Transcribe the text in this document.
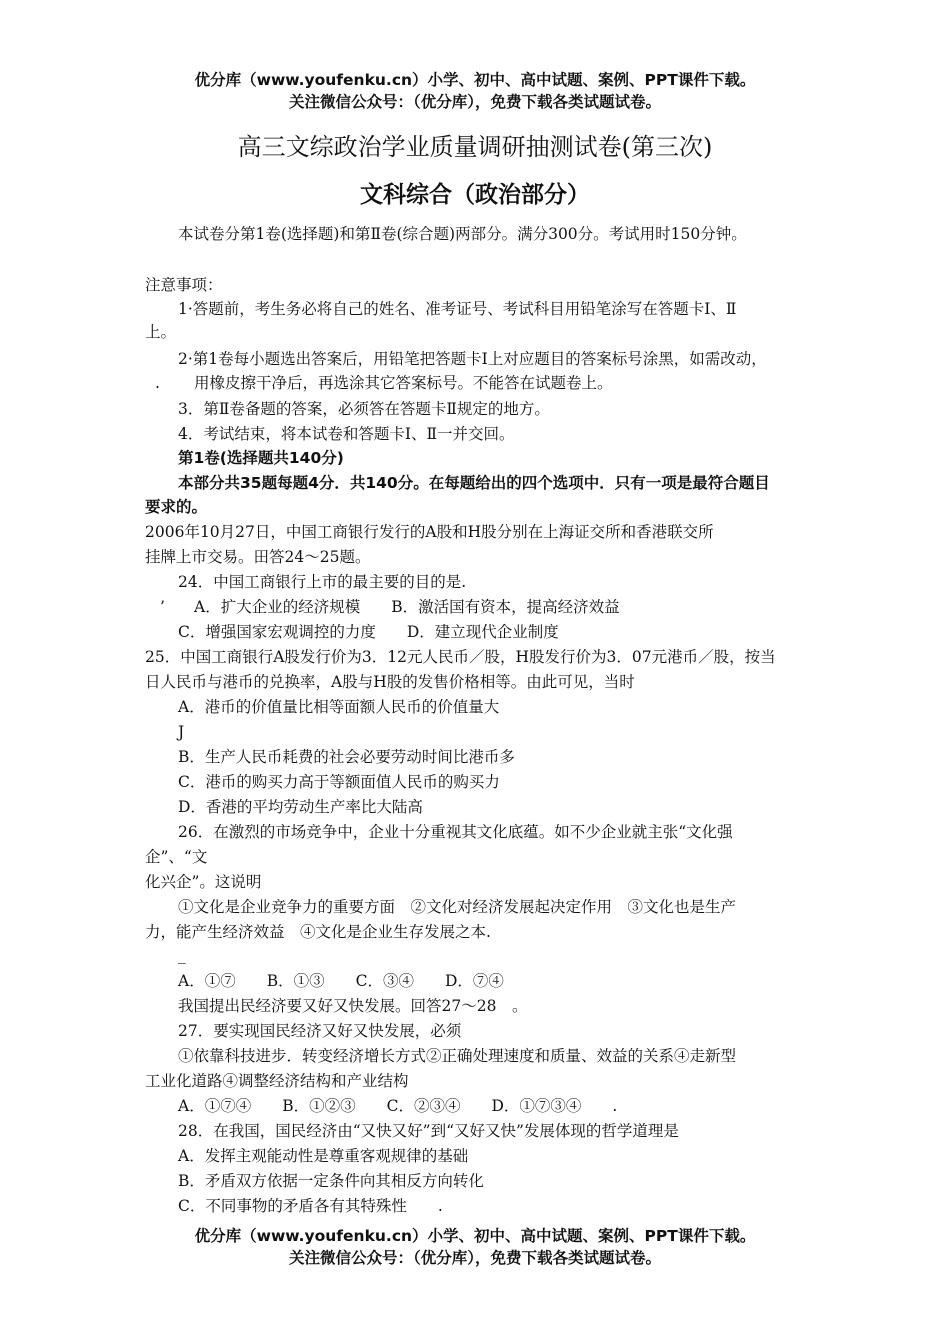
优分库（www.youfenku.cn）小学、初中、高中试题、案例、PPT课件下载。
关注微信公众号：（优分库），免费下载各类试题试卷。
高三文综政治学业质量调研抽测试卷(第三次)
文科综合（政治部分）
本试卷分第1卷(选择题)和第Ⅱ卷(综合题)两部分。满分300分。考试用时150分钟。
注意事项：
1·答题前，考生务必将自己的姓名、准考证号、考试科目用铅笔涂写在答题卡I、Ⅱ
上。
2·第1卷每小题选出答案后，用铅笔把答题卡I上对应题目的答案标号涂黑，如需改动，
. 用橡皮擦干净后，再选涂其它答案标号。不能答在试题卷上。
3．第Ⅱ卷备题的答案，必须答在答题卡Ⅱ规定的地方。
4．考试结束，将本试卷和答题卡I、Ⅱ一并交回。
第1卷(选择题共140分)
本部分共35题每题4分．共140分。在每题给出的四个选项中．只有一项是最符合题目
要求的。
2006年10月27日，中国工商银行发行的A股和H股分别在上海证交所和香港联交所
挂牌上市交易。田答24～25题。
24．中国工商银行上市的最主要的目的是.
’ A．扩大企业的经济规模　　B．激活国有资本，提高经济效益
C．增强国家宏观调控的力度　　D．建立现代企业制度
25．中国工商银行A股发行价为3．12元人民币／股，H股发行价为3．07元港币／股，按当
日人民币与港币的兑换率，A股与H股的发售价格相等。由此可见，当时
A．港币的价值量比相等面额人民币的价值量大
J
B．生产人民币耗费的社会必要劳动时间比港币多
C．港币的购买力高于等额面值人民币的购买力
D．香港的平均劳动生产率比大陆高
26．在激烈的市场竞争中，企业十分重视其文化底蕴。如不少企业就主张“文化强
企”、“文
化兴企”。这说明
①文化是企业竞争力的重要方面　②文化对经济发展起决定作用　③文化也是生产
力，能产生经济效益　④文化是企业生存发展之本.
_
A．①⑦　　B．①③　　C．③④　　D．⑦④
我国提出民经济要又好又快发展。回答27～28　。
27．要实现国民经济又好又快发展，必须
①依靠科技进步．转变经济增长方式②正确处理速度和质量、效益的关系④走新型
工业化道路④调整经济结构和产业结构
A．①⑦④　　B．①②③　　C．②③④　　D．①⑦③④　　.
28．在我国，国民经济由“又快又好”到“又好又快”发展体现的哲学道理是
A．发挥主观能动性是尊重客观规律的基础
B．矛盾双方依据一定条件向其相反方向转化
C．不同事物的矛盾各有其特殊性　　.
优分库（www.youfenku.cn）小学、初中、高中试题、案例、PPT课件下载。
关注微信公众号：（优分库），免费下载各类试题试卷。
